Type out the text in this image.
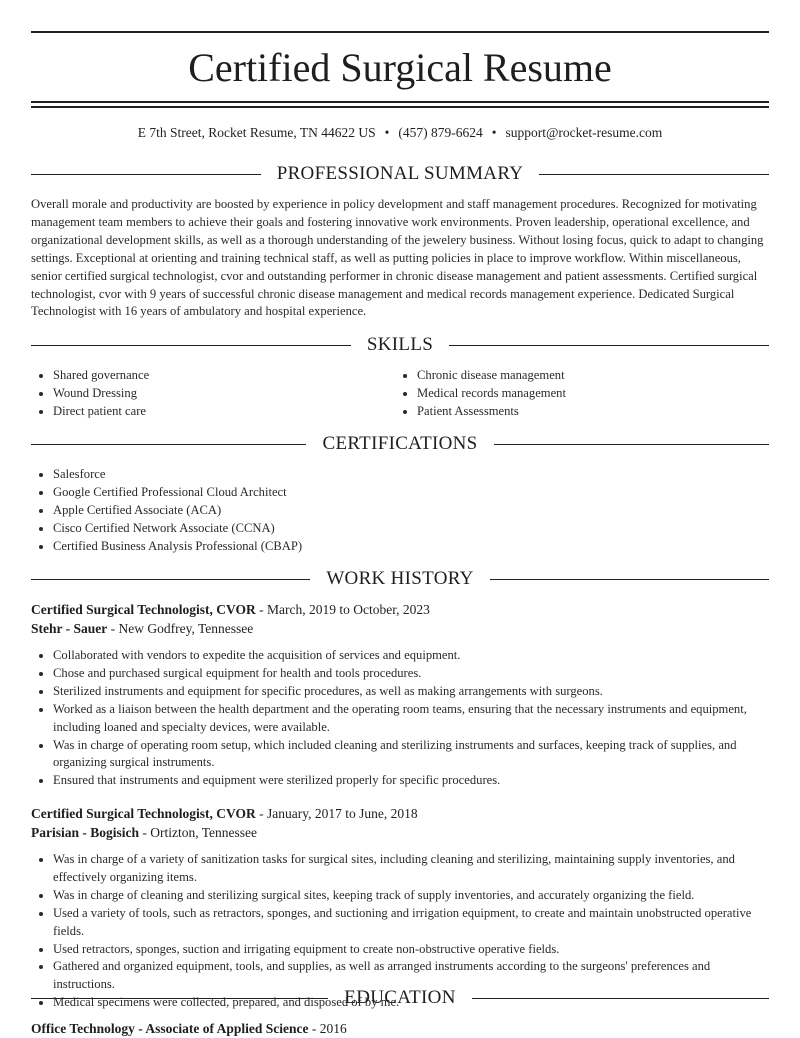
Certified Surgical Resume
E 7th Street, Rocket Resume, TN 44622 US • (457) 879-6624 • support@rocket-resume.com
PROFESSIONAL SUMMARY

Overall morale and productivity are boosted by experience in policy development and staff management procedures. Recognized for motivating management team members to achieve their goals and fostering innovative work environments. Proven leadership, operational excellence, and organizational development skills, as well as a thorough understanding of the jewelery business. Without losing focus, quick to adapt to changing settings. Exceptional at orienting and training technical staff, as well as putting policies in place to improve workflow. Within miscellaneous, senior certified surgical technologist, cvor and outstanding performer in chronic disease management and patient assessments. Certified surgical technologist, cvor with 9 years of successful chronic disease management and medical records management experience. Dedicated Surgical Technologist with 16 years of ambulatory and hospital experience.

SKILLS
• Shared governance
• Wound Dressing
• Direct patient care
• Chronic disease management
• Medical records management
• Patient Assessments
CERTIFICATIONS
• Salesforce
• Google Certified Professional Cloud Architect
• Apple Certified Associate (ACA)
• Cisco Certified Network Associate (CCNA)
• Certified Business Analysis Professional (CBAP)
WORK HISTORY
Certified Surgical Technologist, CVOR - March, 2019 to October, 2023
Stehr - Sauer - New Godfrey, Tennessee
• Collaborated with vendors to expedite the acquisition of services and equipment.
• Chose and purchased surgical equipment for health and tools procedures.
• Sterilized instruments and equipment for specific procedures, as well as making arrangements with surgeons.
• Worked as a liaison between the health department and the operating room teams, ensuring that the necessary instruments and equipment, including loaned and specialty devices, were available.
• Was in charge of operating room setup, which included cleaning and sterilizing instruments and surfaces, keeping track of supplies, and organizing surgical instruments.
• Ensured that instruments and equipment were sterilized properly for specific procedures.
Certified Surgical Technologist, CVOR - January, 2017 to June, 2018
Parisian - Bogisich - Ortizton, Tennessee
• Was in charge of a variety of sanitization tasks for surgical sites, including cleaning and sterilizing, maintaining supply inventories, and effectively organizing items.
• Was in charge of cleaning and sterilizing surgical sites, keeping track of supply inventories, and accurately organizing the field.
• Used a variety of tools, such as retractors, sponges, and suctioning and irrigation equipment, to create and maintain unobstructed operative fields.
• Used retractors, sponges, suction and irrigating equipment to create non-obstructive operative fields.
• Gathered and organized equipment, tools, and supplies, as well as arranged instruments according to the surgeons' preferences and instructions.
• Medical specimens were collected, prepared, and disposed of by me.
EDUCATION
Office Technology - Associate of Applied Science - 2016
